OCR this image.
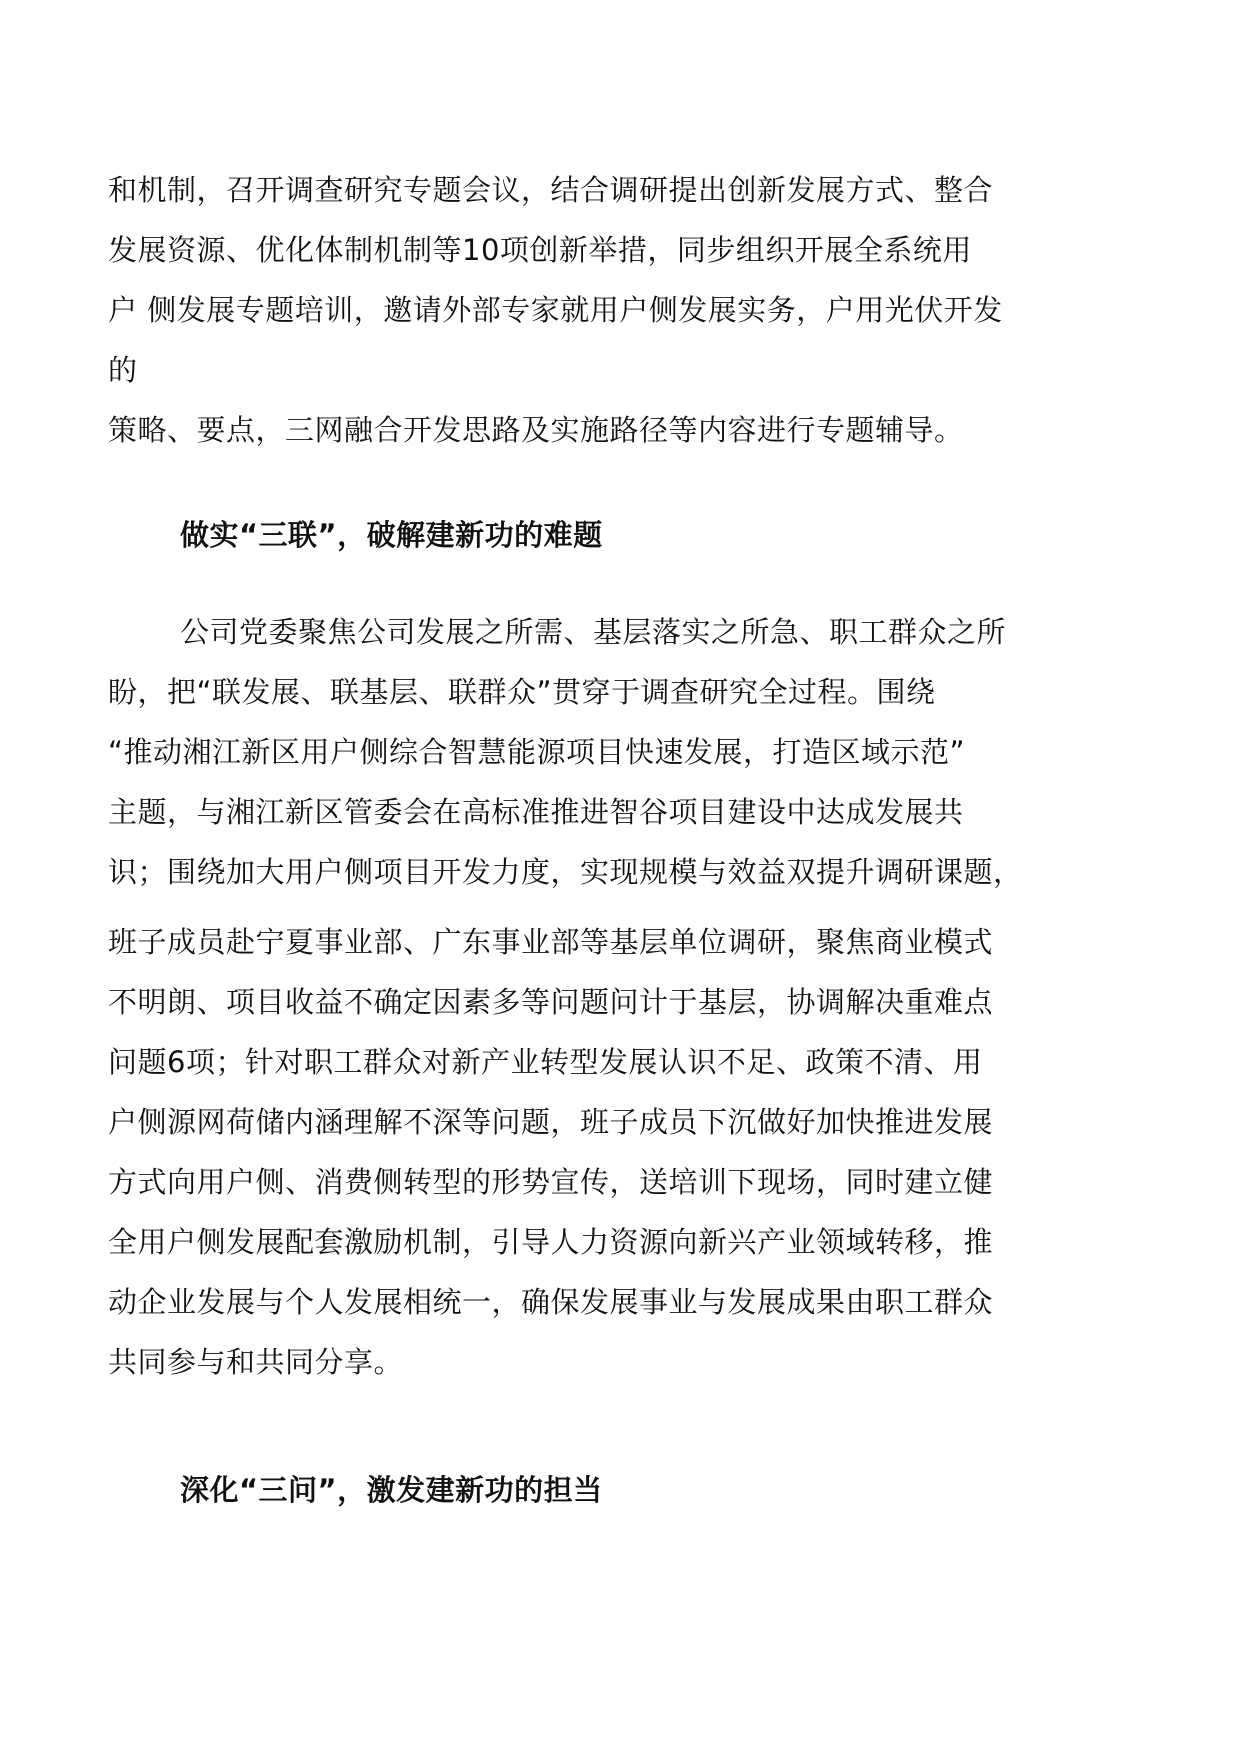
和机制，召开调查研究专题会议，结合调研提出创新发展方式、整合
发展资源、优化体制机制等10项创新举措，同步组织开展全系统用
户 侧发展专题培训，邀请外部专家就用户侧发展实务，户用光伏开发
的
策略、要点，三网融合开发思路及实施路径等内容进行专题辅导。
做实“三联”，破解建新功的难题
公司党委聚焦公司发展之所需、基层落实之所急、职工群众之所
盼，把“联发展、联基层、联群众”贯穿于调查研究全过程。围绕
“推动湘江新区用户侧综合智慧能源项目快速发展，打造区域示范”
主题，与湘江新区管委会在高标准推进智谷项目建设中达成发展共
识；围绕加大用户侧项目开发力度，实现规模与效益双提升调研课题，
班子成员赴宁夏事业部、广东事业部等基层单位调研，聚焦商业模式
不明朗、项目收益不确定因素多等问题问计于基层，协调解决重难点
问题6项；针对职工群众对新产业转型发展认识不足、政策不清、用
户侧源网荷储内涵理解不深等问题，班子成员下沉做好加快推进发展
方式向用户侧、消费侧转型的形势宣传，送培训下现场，同时建立健
全用户侧发展配套激励机制，引导人力资源向新兴产业领域转移，推
动企业发展与个人发展相统一，确保发展事业与发展成果由职工群众
共同参与和共同分享。
深化“三问”，激发建新功的担当
